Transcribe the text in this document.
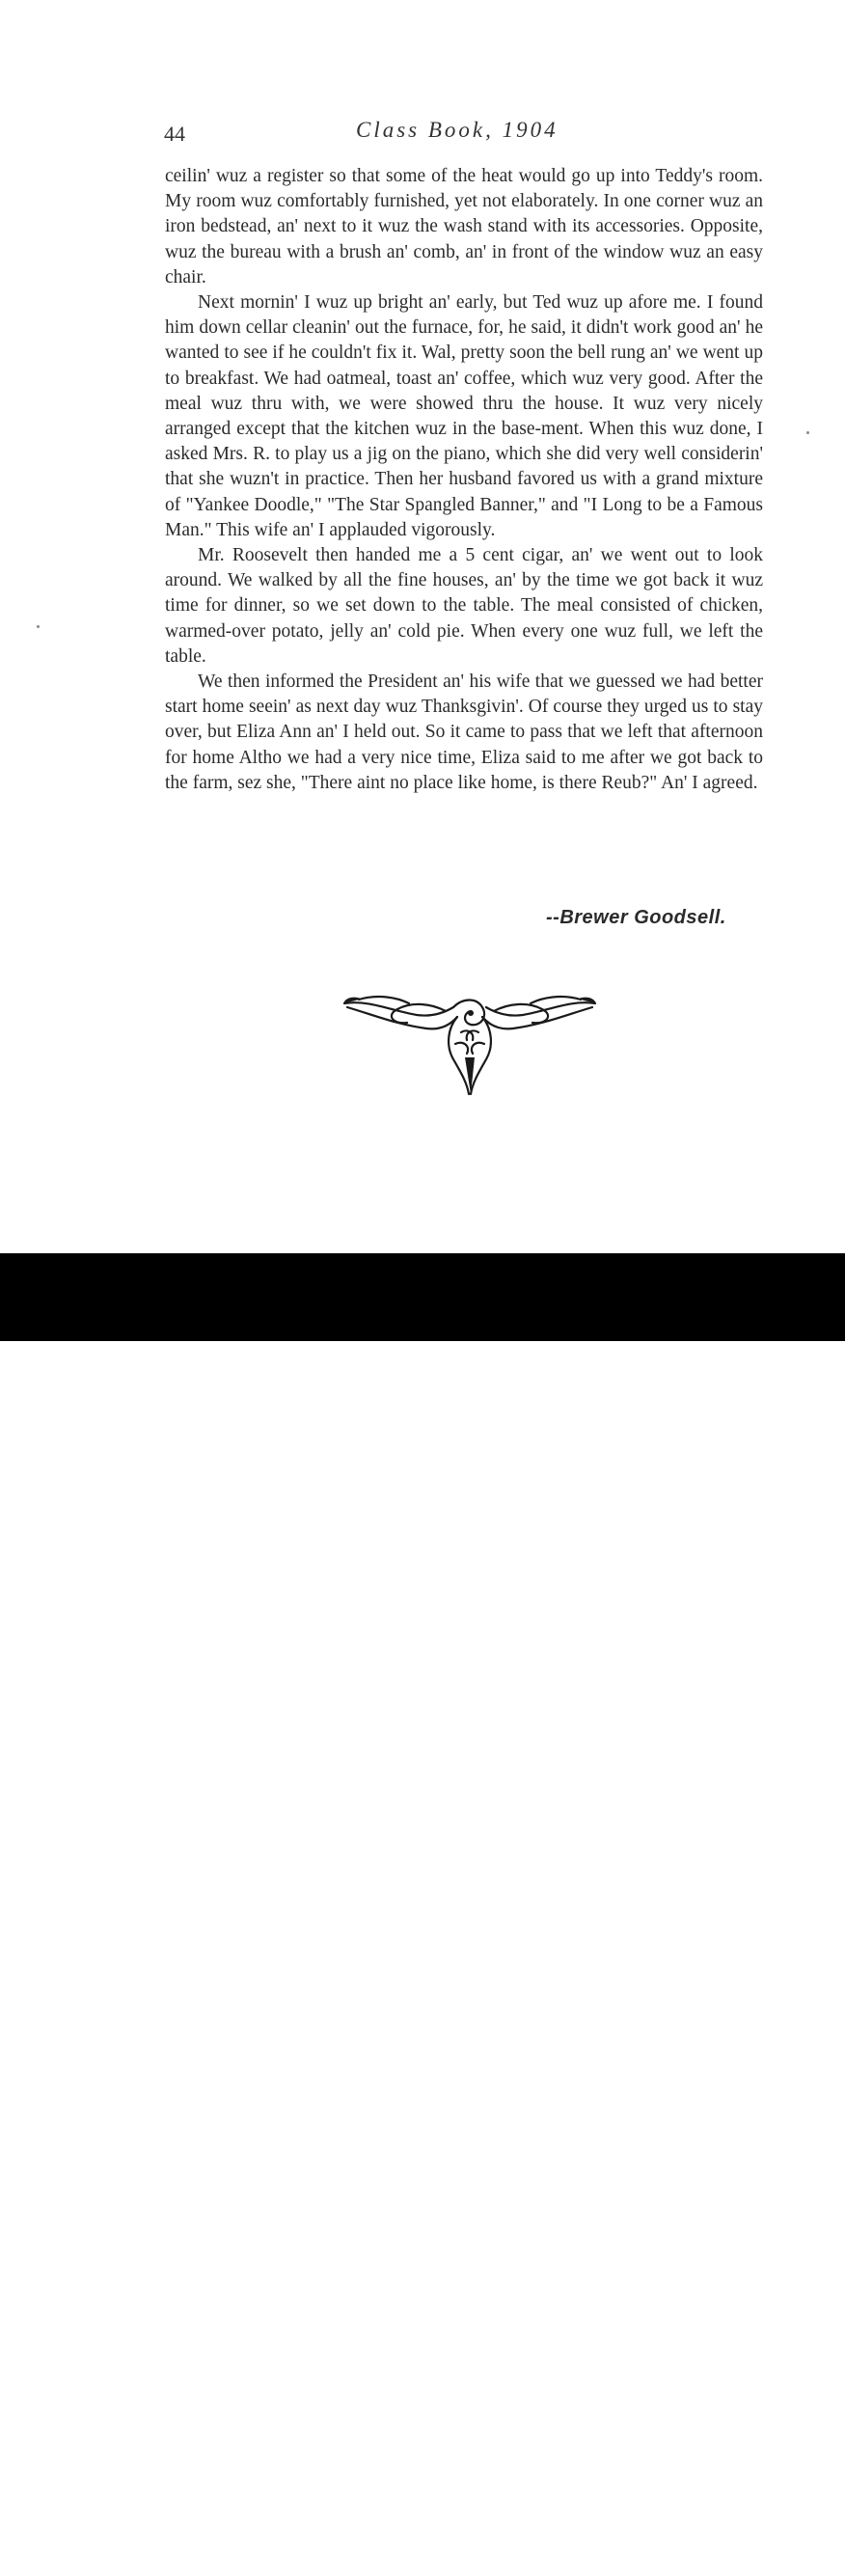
44	Class Book, 1904

ceilin' wuz a register so that some of the heat would go up into Teddy's room. My room wuz comfortably furnished, yet not elaborately. In one corner wuz an iron bedstead, an' next to it wuz the wash stand with its accessories. Opposite, wuz the bureau with a brush an' comb, an' in front of the window wuz an easy chair.

Next mornin' I wuz up bright an' early, but Ted wuz up afore me. I found him down cellar cleanin' out the furnace, for, he said, it didn't work good an' he wanted to see if he couldn't fix it. Wal, pretty soon the bell rung an' we went up to breakfast. We had oatmeal, toast an' coffee, which wuz very good. After the meal wuz thru with, we were showed thru the house. It wuz very nicely arranged except that the kitchen wuz in the base-ment. When this wuz done, I asked Mrs. R. to play us a jig on the piano, which she did very well considerin' that she wuzn't in practice. Then her husband favored us with a grand mixture of "Yankee Doodle," "The Star Spangled Banner," and "I Long to be a Famous Man." This wife an' I applauded vigorously.

Mr. Roosevelt then handed me a 5 cent cigar, an' we went out to look around. We walked by all the fine houses, an' by the time we got back it wuz time for dinner, so we set down to the table. The meal consisted of chicken, warmed-over potato, jelly an' cold pie. When every one wuz full, we left the table.

We then informed the President an' his wife that we guessed we had better start home seein' as next day wuz Thanksgivin'. Of course they urged us to stay over, but Eliza Ann an' I held out. So it came to pass that we left that afternoon for home Altho we had a very nice time, Eliza said to me after we got back to the farm, sez she, "There aint no place like home, is there Reub?" An' I agreed.

--Brewer Goodsell.
alamy	3AKHW5Y
www.alamy.com
